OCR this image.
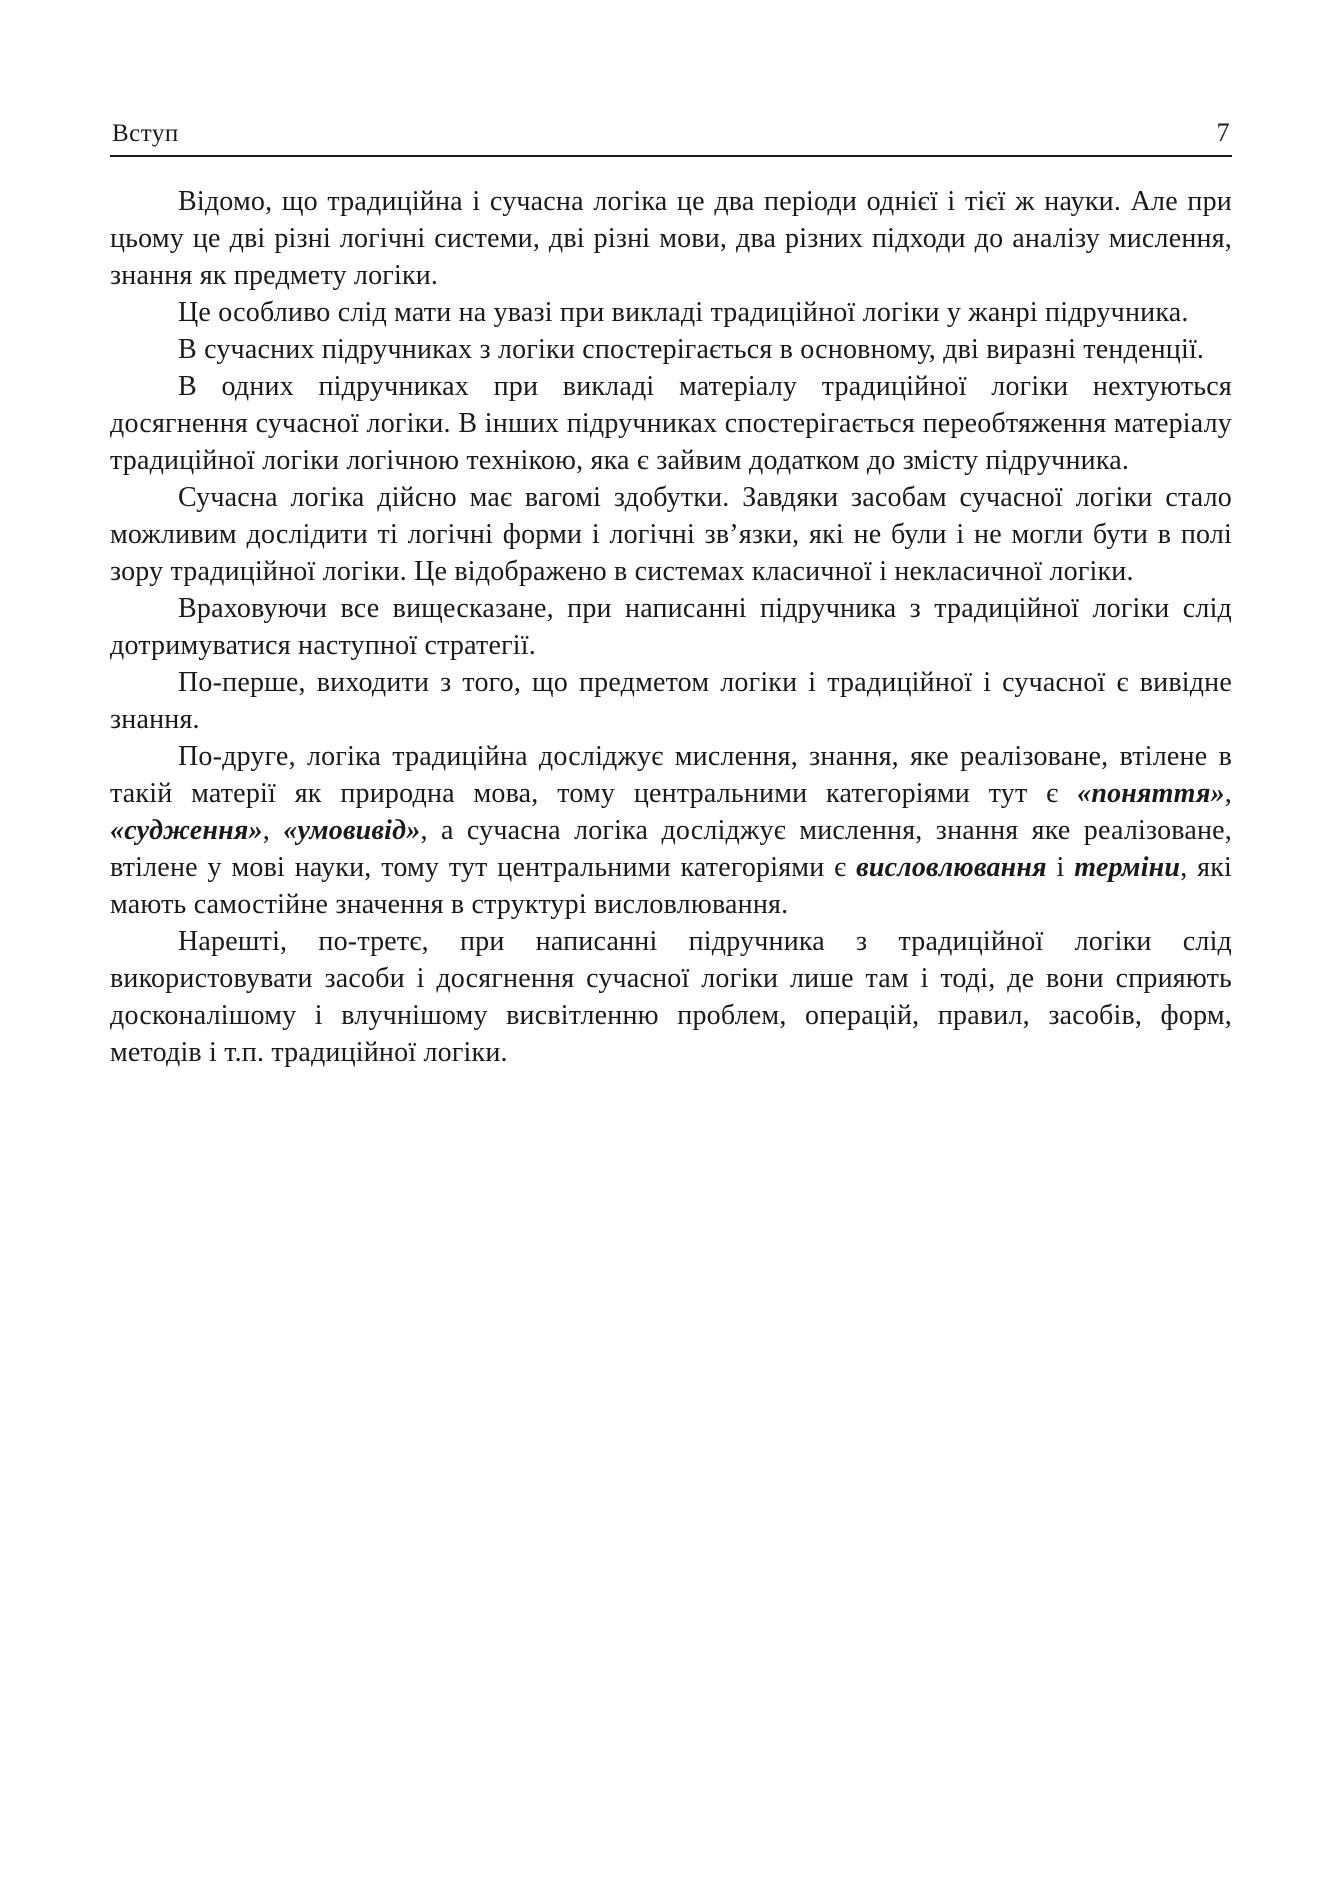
Вступ	7

Відомо, що традиційна і сучасна логіка це два періоди однієї і тієї ж науки. Але при цьому це дві різні логічні системи, дві різні мови, два різних підходи до аналізу мислення, знання як предмету логіки.

Це особливо слід мати на увазі при викладі традиційної логіки у жанрі підручника.

В сучасних підручниках з логіки спостерігається в основному, дві виразні тенденції.

В одних підручниках при викладі матеріалу традиційної логіки нехтуються досягнення сучасної логіки. В інших підручниках спостерігається переобтяження матеріалу традиційної логіки логічною технікою, яка є зайвим додатком до змісту підручника.

Сучасна логіка дійсно має вагомі здобутки. Завдяки засобам сучасної логіки стало можливим дослідити ті логічні форми і логічні зв’язки, які не були і не могли бути в полі зору традиційної логіки. Це відображено в системах класичної і некласичної логіки.

Враховуючи все вищесказане, при написанні підручника з традиційної логіки слід дотримуватися наступної стратегії.

По-перше, виходити з того, що предметом логіки і традиційної і сучасної є вивідне знання.

По-друге, логіка традиційна досліджує мислення, знання, яке реалізоване, втілене в такій матерії як природна мова, тому центральними категоріями тут є «поняття», «судження», «умовивід», а сучасна логіка досліджує мислення, знання яке реалізоване, втілене у мові науки, тому тут центральними категоріями є висловлювання і терміни, які мають самостійне значення в структурі висловлювання.

Нарешті, по-третє, при написанні підручника з традиційної логіки слід використовувати засоби і досягнення сучасної логіки лише там і тоді, де вони сприяють досконалішому і влучнішому висвітленню проблем, операцій, правил, засобів, форм, методів і т.п. традиційної логіки.
